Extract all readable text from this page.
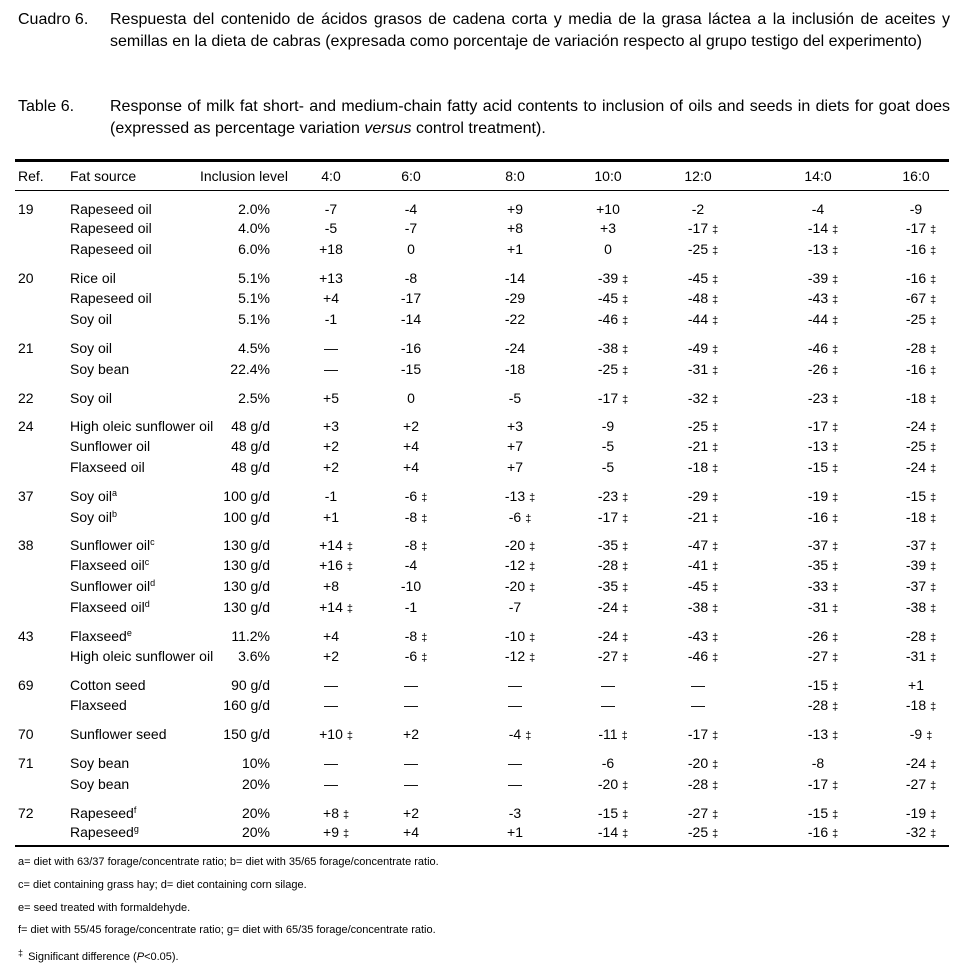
Cuadro 6. Respuesta del contenido de ácidos grasos de cadena corta y media de la grasa láctea a la inclusión de aceites y semillas en la dieta de cabras (expresada como porcentaje de variación respecto al grupo testigo del experimento)
Table 6. Response of milk fat short- and medium-chain fatty acid contents to inclusion of oils and seeds in diets for goat does (expressed as percentage variation versus control treatment).
Ref. Fat source	Inclusion level 4:0	6:0	8:0	10:0	12:0	14:0	16:0
19	Rapeseed oil	2.0%	-7	-4	+9	+10	-2	-4	-9
Rapeseed oil	4.0%	-5	-7	+8	+3	-17 ‡	-14 ‡	-17 ‡
Rapeseed oil	6.0%	+18	0	+1	0	-25 ‡	-13 ‡	-16 ‡
20	Rice oil	5.1%	+13	-8	-14	-39 ‡	-45 ‡	-39 ‡	-16 ‡
Rapeseed oil	5.1%	+4	-17	-29	-45 ‡	-48 ‡	-43 ‡	-67 ‡
Soy oil	5.1%	-1	-14	-22	-46 ‡	-44 ‡	-44 ‡	-25 ‡
21	Soy oil	4.5%	—	-16	-24	-38 ‡	-49 ‡	-46 ‡	-28 ‡
Soy bean	22.4%	—	-15	-18	-25 ‡	-31 ‡	-26 ‡	-16 ‡
22	Soy oil	2.5%	+5	0	-5	-17 ‡	-32 ‡	-23 ‡	-18 ‡
24	High oleic sunflower oil	48 g/d	+3	+2	+3	-9	-25 ‡	-17 ‡	-24 ‡
Sunflower oil	48 g/d	+2	+4	+7	-5	-21 ‡	-13 ‡	-25 ‡
Flaxseed oil	48 g/d	+2	+4	+7	-5	-18 ‡	-15 ‡	-24 ‡
37	Soy oil$^a$	100 g/d	-1	-6 ‡	-13 ‡	-23 ‡	-29 ‡	-19 ‡	-15 ‡
Soy oil$^b$	100 g/d	+1	-8 ‡	-6 ‡	-17 ‡	-21 ‡	-16 ‡	-18 ‡
38	Sunflower oil$^c$	130 g/d	+14 ‡	-8 ‡	-20 ‡	-35 ‡	-47 ‡	-37 ‡	-37 ‡
Flaxseed oil$^c$	130 g/d	+16 ‡	-4	-12 ‡	-28 ‡	-41 ‡	-35 ‡	-39 ‡
Sunflower oil$^d$	130 g/d	+8	-10	-20 ‡	-35 ‡	-45 ‡	-33 ‡	-37 ‡
Flaxseed oil$^d$	130 g/d	+14 ‡	-1	-7	-24 ‡	-38 ‡	-31 ‡	-38 ‡
43	Flaxseed$^e$	11.2%	+4	-8 ‡	-10 ‡	-24 ‡	-43 ‡	-26 ‡	-28 ‡
High oleic sunflower oil	3.6%	+2	-6 ‡	-12 ‡	-27 ‡	-46 ‡	-27 ‡	-31 ‡
69	Cotton seed	90 g/d	—	—	—	—	—	-15 ‡	+1
Flaxseed	160 g/d	—	—	—	—	—	-28 ‡	-18 ‡
70	Sunflower seed	150 g/d	+10 ‡	+2	-4 ‡	-11 ‡	-17 ‡	-13 ‡	-9 ‡
71	Soy bean	10%	—	—	—	-6	-20 ‡	-8	-24 ‡
Soy bean	20%	—	—	—	-20 ‡	-28 ‡	-17 ‡	-27 ‡
72	Rapeseed$^f$	20%	+8 ‡	+2	-3	-15 ‡	-27 ‡	-15 ‡	-19 ‡
Rapeseed$^g$	20%	+9 ‡	+4	+1	-14 ‡	-25 ‡	-16 ‡	-32 ‡
a= diet with 63/37 forage/concentrate ratio; b= diet with 35/65 forage/concentrate ratio.
c= diet containing grass hay; d= diet containing corn silage.
e= seed treated with formaldehyde.
f= diet with 55/45 forage/concentrate ratio; g= diet with 65/35 forage/concentrate ratio.
‡ Significant difference (P<0.05).
